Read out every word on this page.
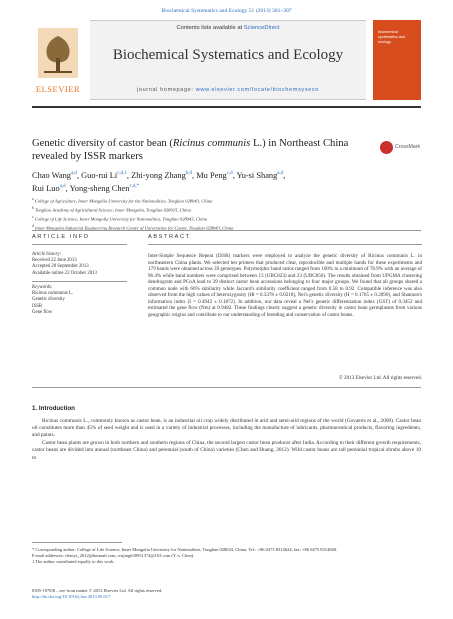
Biochemical Systematics and Ecology 51 (2013) 301–307
ELSEVIER
Contents lists available at ScienceDirect
Biochemical Systematics and Ecology
journal homepage: www.elsevier.com/locate/biochemsyseco
biochemical systematics and ecology
Genetic diversity of castor bean (Ricinus communis L.) in Northeast China revealed by ISSR markers
CrossMark
Chao Wang$^{a,d}$, Guo-rui Li$^{c,d,1}$, Zhi-yong Zhang$^{b,d}$, Mu Peng$^{c,d}$, Yu-si Shang$^{a,d}$,
Rui Luo$^{a,d}$, Yong-sheng Chen$^{c,d,*}$
$^a$ College of Agriculture, Inner Mongolia University for the Nationalities, Tongliao 028043, China
$^b$ Tongliao Academy of Agricultural Science, Inner Mongolia, Tongliao 028015, China
$^c$ College of Life Science, Inner Mongolia University for Nationalities, Tongliao 028043, China
$^d$ Inner Mongolia Industrial Engineering Research Center of Universities for Castor, Tongliao 028043, China
ARTICLE INFO	ABSTRACT
Article history:
Received 22 June 2013
Accepted 28 September 2013
Available online 22 October 2013
Keywords:
Ricinus communis L.
Genetic diversity
ISSR
Gene flow
Inter-Simple Sequence Repeat (ISSR) markers were employed to analyze the genetic diversity of Ricinus communis L. in northeastern China plants. We selected ten primers that produced clear, reproducible and multiple bands for these experiments and 179 bands were obtained across 39 genotypes. Polymorphic band ratios ranged from 100% to a minimum of 78.9% with an average of 96.4% while band numbers were comprised between 13 (UBC823) and 23 (UBC856). The results obtained from UPGMA clustering dendrogram and PCoA lead to 39 distinct castor bean accessions belonging to four major groups. We found that all groups shared a common node with 66% similarity while Jaccard's similarity coefficient ranged from 0.58 to 0.92. Compatible inference was also observed from the high values of heterozygosity (Ht = 0.3378 ± 0.0218), Nei's genetic diversity (H = 0.1765 ± 0.2090), and Shannon's information index (I = 0.4942 ± 0.1872). In addition, our data reveal a Nei's genetic differentiation index (GST) of 0.3452 and estimated the gene flow (Nm) at 0.9482. These findings clearly suggest a genetic diversity in castor bean germplasms from various geographic origins and contribute to our understanding of breeding and conservation of castor beans.
© 2013 Elsevier Ltd. All rights reserved.
1. Introduction

Ricinus communis L., commonly known as castor bean, is an industrial oil crop widely distributed in arid and semi-arid regions of the world (Govaerts et al., 2000). Castor bean oil constitutes more than 45% of seed weight and is used in a variety of industrial processes, including the manufacture of lubricants, pharmaceutical products, flavoring ingredients, and paints.

Castor bean plants are grown in both northern and southern regions of China, the second largest castor bean producer after India. According to their different growth requirements, castor beans are divided into annual (northeast China) and perennial (south of China) varieties (Chen and Huang, 2012). Wild castor beans are tall perennial tropical shrubs above 10 m

* Corresponding author. College of Life Science, Inner Mongolia University for Nationalities, Tongliao 028043, China. Tel.: +86 0475 8314624; fax: +86 0475 8314668.
E-mail addresses: chenys_2012@hotmail.com, wujing630951374@163.com (Y.-s. Chen).
1 The author contributed equally to this work.
0305-1978/$ – see front matter © 2013 Elsevier Ltd. All rights reserved.
http://dx.doi.org/10.1016/j.bse.2013.09.017
